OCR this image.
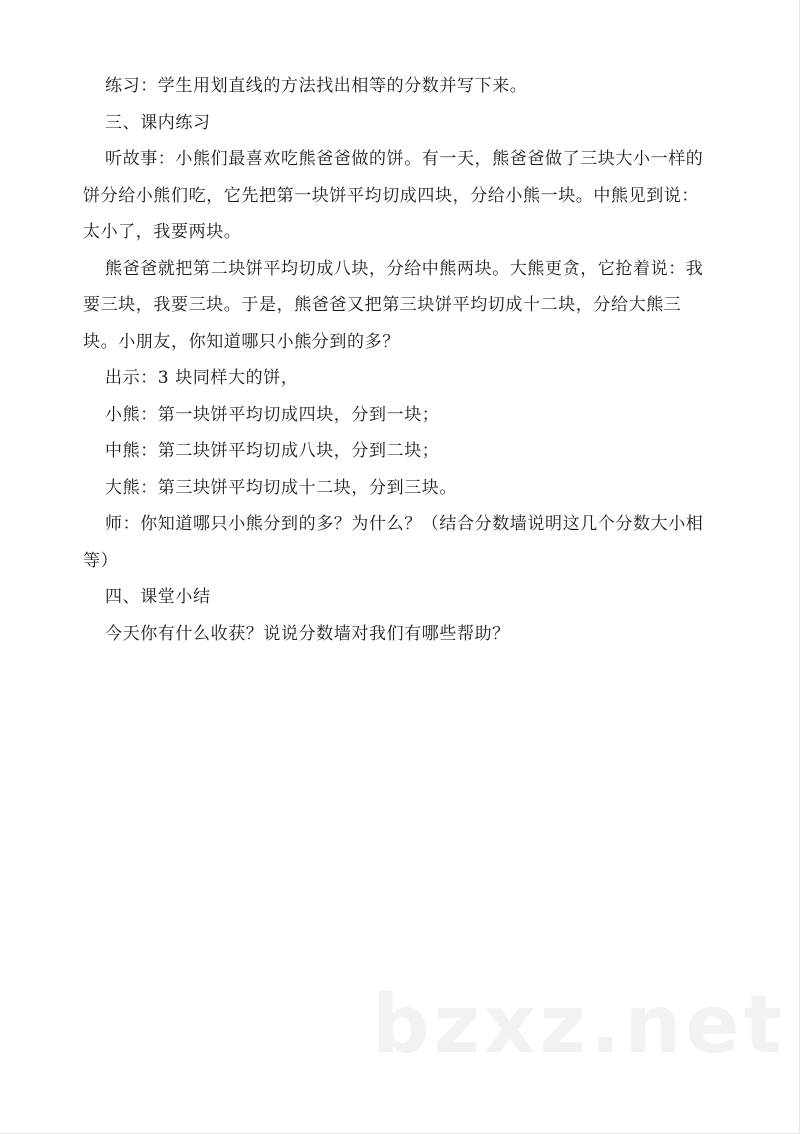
练习：学生用划直线的方法找出相等的分数并写下来。

三、课内练习

听故事：小熊们最喜欢吃熊爸爸做的饼。有一天，熊爸爸做了三块大小一样的饼分给小熊们吃，它先把第一块饼平均切成四块，分给小熊一块。中熊见到说：太小了，我要两块。

熊爸爸就把第二块饼平均切成八块，分给中熊两块。大熊更贪，它抢着说：我要三块，我要三块。于是，熊爸爸又把第三块饼平均切成十二块，分给大熊三块。小朋友，你知道哪只小熊分到的多？

出示：3 块同样大的饼，

小熊：第一块饼平均切成四块，分到一块；

中熊：第二块饼平均切成八块，分到二块；

大熊：第三块饼平均切成十二块，分到三块。

师：你知道哪只小熊分到的多？为什么？（结合分数墙说明这几个分数大小相等）

四、课堂小结

今天你有什么收获？说说分数墙对我们有哪些帮助？

bzxz.net
